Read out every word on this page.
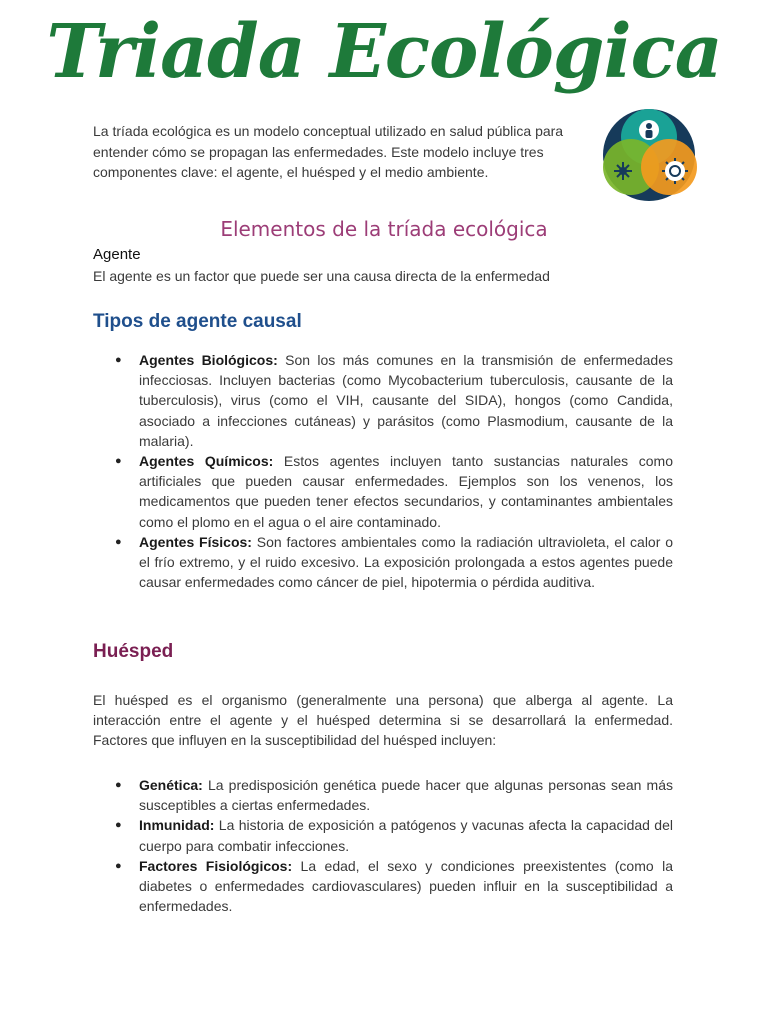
Triada Ecológica

La tríada ecológica es un modelo conceptual utilizado en salud pública para entender cómo se propagan las enfermedades. Este modelo incluye tres componentes clave: el agente, el huésped y el medio ambiente.

Elementos de la tríada ecológica
Agente

El agente es un factor que puede ser una causa directa de la enfermedad

Tipos de agente causal
● Agentes Biológicos: Son los más comunes en la transmisión de enfermedades infecciosas. Incluyen bacterias (como Mycobacterium tuberculosis, causante de la tuberculosis), virus (como el VIH, causante del SIDA), hongos (como Candida, asociado a infecciones cutáneas) y parásitos (como Plasmodium, causante de la malaria).
● Agentes Químicos: Estos agentes incluyen tanto sustancias naturales como artificiales que pueden causar enfermedades. Ejemplos son los venenos, los medicamentos que pueden tener efectos secundarios, y contaminantes ambientales como el plomo en el agua o el aire contaminado.
● Agentes Físicos: Son factores ambientales como la radiación ultravioleta, el calor o el frío extremo, y el ruido excesivo. La exposición prolongada a estos agentes puede causar enfermedades como cáncer de piel, hipotermia o pérdida auditiva.
Huésped

El huésped es el organismo (generalmente una persona) que alberga al agente. La interacción entre el agente y el huésped determina si se desarrollará la enfermedad. Factores que influyen en la susceptibilidad del huésped incluyen:

● Genética: La predisposición genética puede hacer que algunas personas sean más susceptibles a ciertas enfermedades.
● Inmunidad: La historia de exposición a patógenos y vacunas afecta la capacidad del cuerpo para combatir infecciones.
● Factores Fisiológicos: La edad, el sexo y condiciones preexistentes (como la diabetes o enfermedades cardiovasculares) pueden influir en la susceptibilidad a enfermedades.
